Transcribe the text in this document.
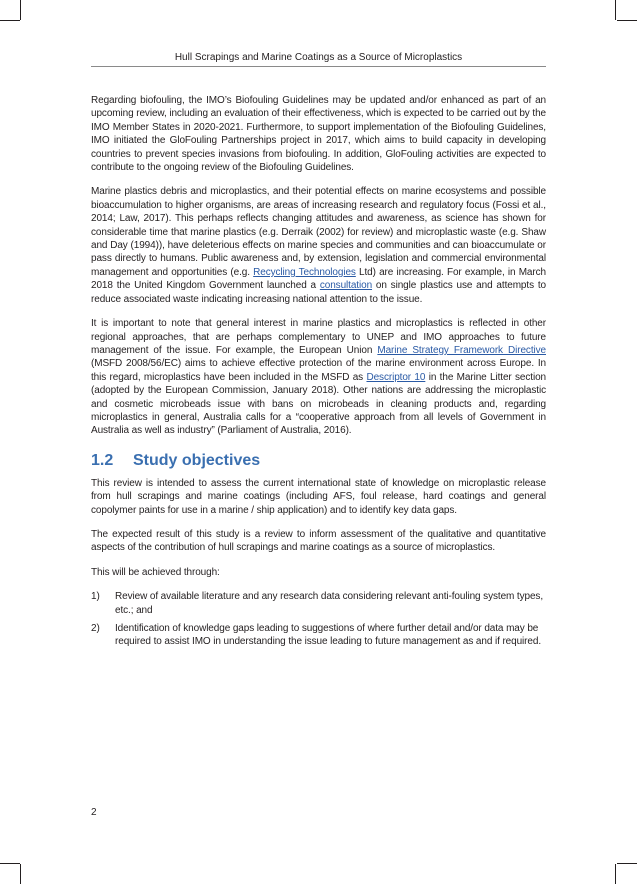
Hull Scrapings and Marine Coatings as a Source of Microplastics

Regarding biofouling, the IMO’s Biofouling Guidelines may be updated and/or enhanced as part of an upcoming review, including an evaluation of their effectiveness, which is expected to be carried out by the IMO Member States in 2020-2021. Furthermore, to support implementation of the Biofouling Guidelines, IMO initiated the GloFouling Partnerships project in 2017, which aims to build capacity in developing countries to prevent species invasions from biofouling. In addition, GloFouling activities are expected to contribute to the ongoing review of the Biofouling Guidelines.

Marine plastics debris and microplastics, and their potential effects on marine ecosystems and possible bioaccumulation to higher organisms, are areas of increasing research and regulatory focus (Fossi et al., 2014; Law, 2017). This perhaps reflects changing attitudes and awareness, as science has shown for considerable time that marine plastics (e.g. Derraik (2002) for review) and microplastic waste (e.g. Shaw and Day (1994)), have deleterious effects on marine species and communities and can bioaccumulate or pass directly to humans. Public awareness and, by extension, legislation and commercial environmental management and opportunities (e.g. Recycling Technologies Ltd) are increasing. For example, in March 2018 the United Kingdom Government launched a consultation on single plastics use and attempts to reduce associated waste indicating increasing national attention to the issue.

It is important to note that general interest in marine plastics and microplastics is reflected in other regional approaches, that are perhaps complementary to UNEP and IMO approaches to future management of the issue. For example, the European Union Marine Strategy Framework Directive (MSFD 2008/56/EC) aims to achieve effective protection of the marine environment across Europe. In this regard, microplastics have been included in the MSFD as Descriptor 10 in the Marine Litter section (adopted by the European Commission, January 2018). Other nations are addressing the microplastic and cosmetic microbeads issue with bans on microbeads in cleaning products and, regarding microplastics in general, Australia calls for a “cooperative approach from all levels of Government in Australia as well as industry” (Parliament of Australia, 2016).

1.2 Study objectives

This review is intended to assess the current international state of knowledge on microplastic release from hull scrapings and marine coatings (including AFS, foul release, hard coatings and general copolymer paints for use in a marine / ship application) and to identify key data gaps.

The expected result of this study is a review to inform assessment of the qualitative and quantitative aspects of the contribution of hull scrapings and marine coatings as a source of microplastics.

This will be achieved through:

1) Review of available literature and any research data considering relevant anti-fouling system types, etc.; and
2) Identification of knowledge gaps leading to suggestions of where further detail and/or data may be required to assist IMO in understanding the issue leading to future management as and if required.
2
